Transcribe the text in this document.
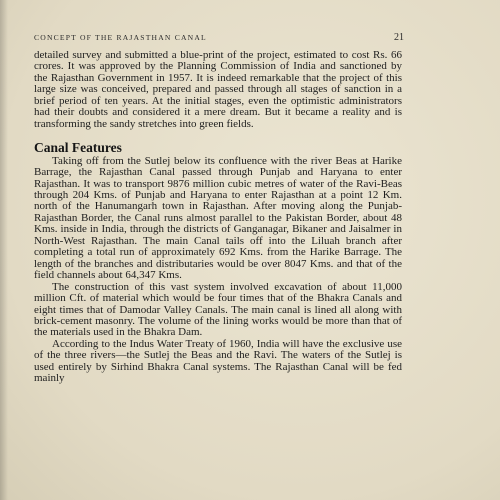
CONCEPT OF THE RAJASTHAN CANAL	21

detailed survey and submitted a blue-print of the project, estimated to cost Rs. 66 crores. It was approved by the Planning Commission of India and sanctioned by the Rajasthan Government in 1957. It is indeed remarkable that the project of this large size was conceived, prepared and passed through all stages of sanction in a brief period of ten years. At the initial stages, even the optimistic administrators had their doubts and considered it a mere dream. But it became a reality and is transforming the sandy stretches into green fields.

Canal Features

Taking off from the Sutlej below its confluence with the river Beas at Harike Barrage, the Rajasthan Canal passed through Punjab and Haryana to enter Rajasthan. It was to transport 9876 million cubic metres of water of the Ravi-Beas through 204 Kms. of Punjab and Haryana to enter Rajasthan at a point 12 Km. north of the Hanumangarh town in Rajasthan. After moving along the Punjab-Rajasthan Border, the Canal runs almost parallel to the Pakistan Border, about 48 Kms. inside in India, through the districts of Ganganagar, Bikaner and Jaisalmer in North-West Rajasthan. The main Canal tails off into the Liluah branch after completing a total run of approximately 692 Kms. from the Harike Barrage. The length of the branches and distributaries would be over 8047 Kms. and that of the field channels about 64,347 Kms.

The construction of this vast system involved excavation of about 11,000 million Cft. of material which would be four times that of the Bhakra Canals and eight times that of Damodar Valley Canals. The main canal is lined all along with brick-cement masonry. The volume of the lining works would be more than that of the materials used in the Bhakra Dam.

According to the Indus Water Treaty of 1960, India will have the exclusive use of the three rivers—the Sutlej the Beas and the Ravi. The waters of the Sutlej is used entirely by Sirhind Bhakra Canal systems. The Rajasthan Canal will be fed mainly
